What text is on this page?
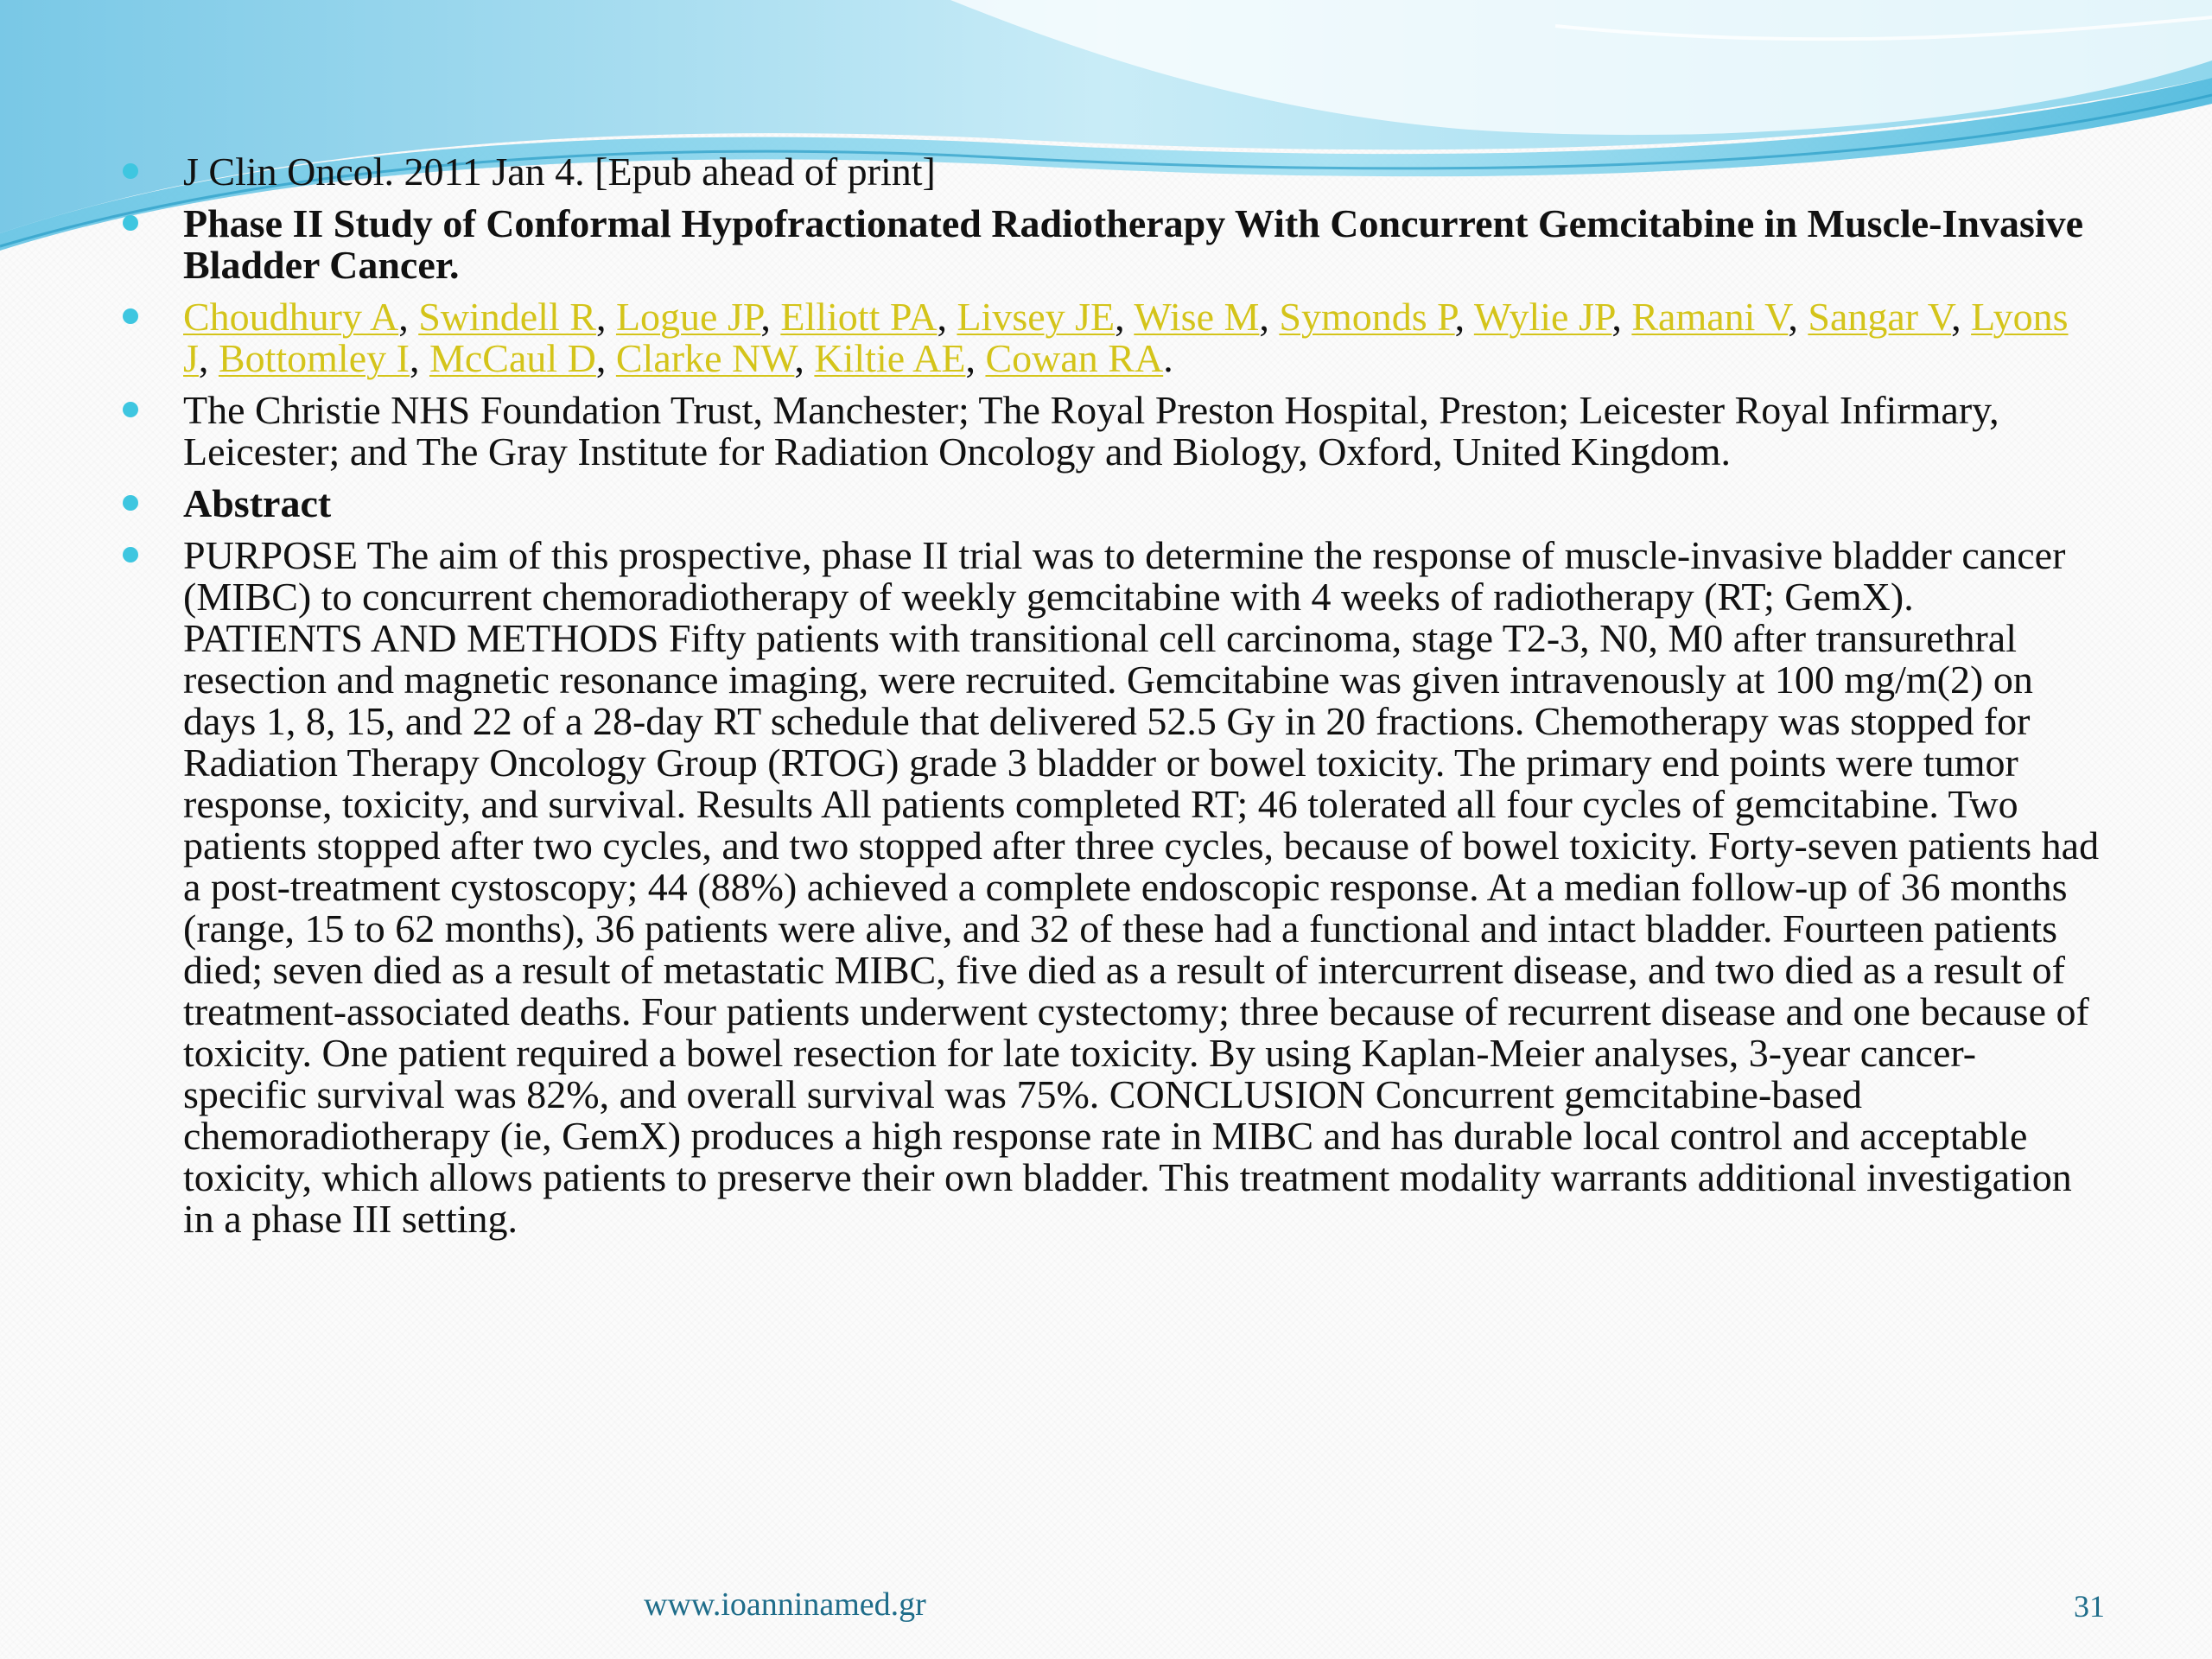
J Clin Oncol. 2011 Jan 4. [Epub ahead of print]
Phase II Study of Conformal Hypofractionated Radiotherapy With Concurrent Gemcitabine in Muscle-Invasive Bladder Cancer.
Choudhury A, Swindell R, Logue JP, Elliott PA, Livsey JE, Wise M, Symonds P, Wylie JP, Ramani V, Sangar V, Lyons J, Bottomley I, McCaul D, Clarke NW, Kiltie AE, Cowan RA.
The Christie NHS Foundation Trust, Manchester; The Royal Preston Hospital, Preston; Leicester Royal Infirmary, Leicester; and The Gray Institute for Radiation Oncology and Biology, Oxford, United Kingdom.
Abstract
PURPOSE The aim of this prospective, phase II trial was to determine the response of muscle-invasive bladder cancer (MIBC) to concurrent chemoradiotherapy of weekly gemcitabine with 4 weeks of radiotherapy (RT; GemX). PATIENTS AND METHODS Fifty patients with transitional cell carcinoma, stage T2-3, N0, M0 after transurethral resection and magnetic resonance imaging, were recruited. Gemcitabine was given intravenously at 100 mg/m(2) on days 1, 8, 15, and 22 of a 28-day RT schedule that delivered 52.5 Gy in 20 fractions. Chemotherapy was stopped for Radiation Therapy Oncology Group (RTOG) grade 3 bladder or bowel toxicity. The primary end points were tumor response, toxicity, and survival. Results All patients completed RT; 46 tolerated all four cycles of gemcitabine. Two patients stopped after two cycles, and two stopped after three cycles, because of bowel toxicity. Forty-seven patients had a post-treatment cystoscopy; 44 (88%) achieved a complete endoscopic response. At a median follow-up of 36 months (range, 15 to 62 months), 36 patients were alive, and 32 of these had a functional and intact bladder. Fourteen patients died; seven died as a result of metastatic MIBC, five died as a result of intercurrent disease, and two died as a result of treatment-associated deaths. Four patients underwent cystectomy; three because of recurrent disease and one because of toxicity. One patient required a bowel resection for late toxicity. By using Kaplan-Meier analyses, 3-year cancer-specific survival was 82%, and overall survival was 75%. CONCLUSION Concurrent gemcitabine-based chemoradiotherapy (ie, GemX) produces a high response rate in MIBC and has durable local control and acceptable toxicity, which allows patients to preserve their own bladder. This treatment modality warrants additional investigation in a phase III setting.
www.ioanninamed.gr	31
